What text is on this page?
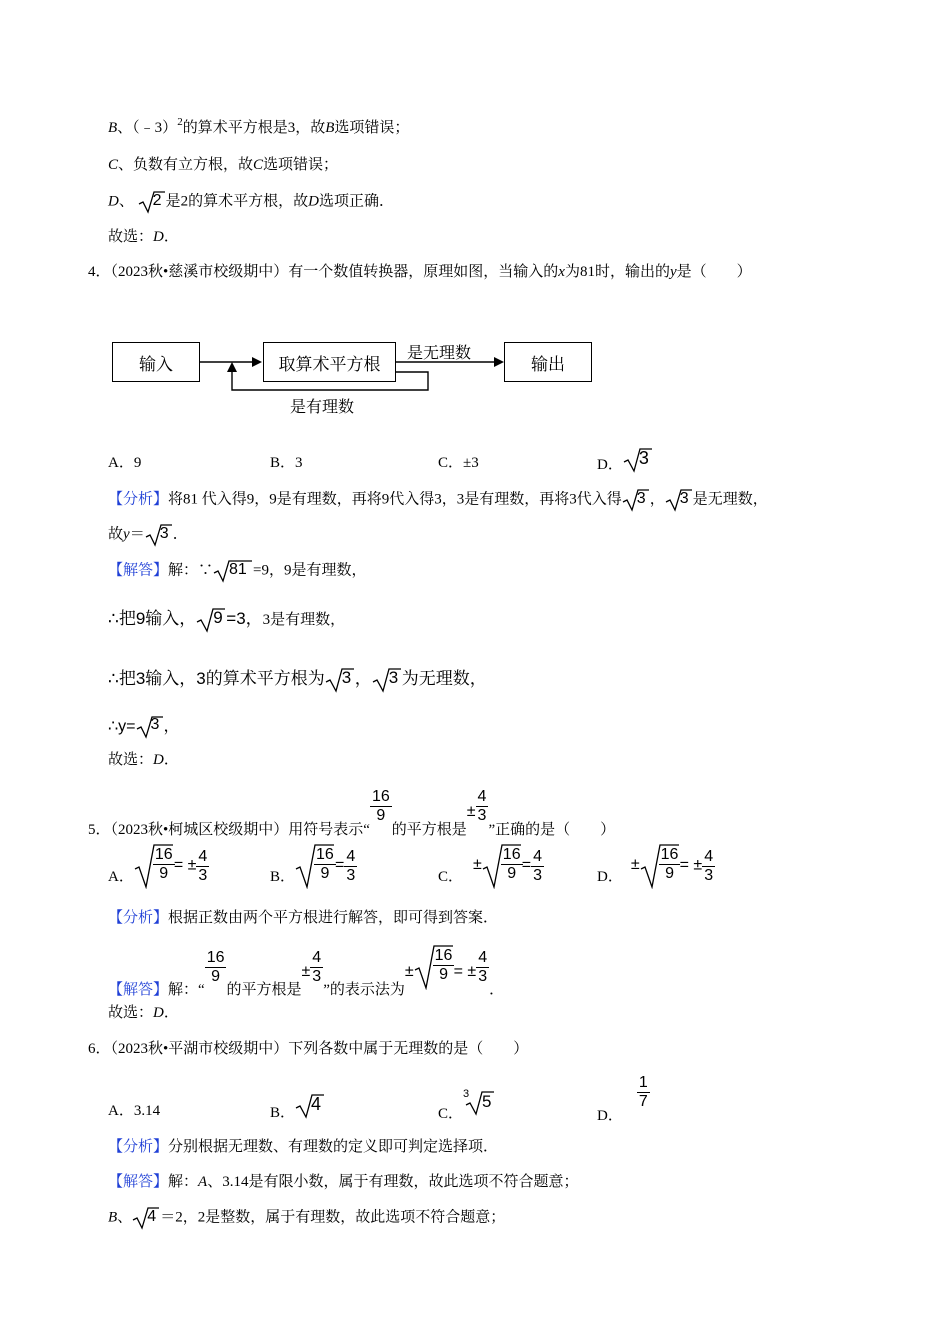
B、（﹣3）$^2$的算术平方根是3，故B选项错误；
C、负数有立方根，故C选项错误；
D、 2 是2的算术平方根，故D选项正确．
故选：D．
4．（2023秋•慈溪市校级期中）有一个数值转换器，原理如图，当输入的x为81时，输出的y是（　　）
输入	取算术平方根	输出
是无理数
是有理数
A．9	B．3	C．±3	D． 3
【分析】将81 代入得9，9是有理数，再将9代入得3，3是有理数，再将3代入得 3 ， 3 是无理数，
故y＝ 3 ．
【解答】解：∵ 81 =9，9是有理数，
∴把9输入， 9 =3，3是有理数，
∴把3输入，3的算术平方根为 3 ， 3 为无理数，
∴y= 3 ，
故选：D．
5．（2023秋•柯城区校级期中）用符号表示“
$\frac{16}{9}$
的平方根是± $\frac{4}{3}$
”正确的是（　　）
A． $\frac{16}{9}$ = ± $\frac{4}{3}$	B． $\frac{16}{9} = \frac{4}{3}$	C．± $\frac{16}{9} = \frac{4}{3}$	D．± $\frac{16}{9}$ = ± $\frac{4}{3}$
【分析】根据正数由两个平方根进行解答，即可得到答案．
【解答】解：“
$\frac{16}{9}$
的平方根是± $\frac{4}{3}$
”的表示法为± $\frac{16}{9}$ = ± $\frac{4}{3}$
．
故选：D．
6．（2023秋•平湖市校级期中）下列各数中属于无理数的是（　　）
A．3.14	B． 4
C．
3 5
D．
$\frac{1}{7}$
【分析】分别根据无理数、有理数的定义即可判定选择项．
【解答】解：A、3.14是有限小数，属于有理数，故此选项不符合题意；
B、 4 ＝2，2是整数，属于有理数，故此选项不符合题意；
